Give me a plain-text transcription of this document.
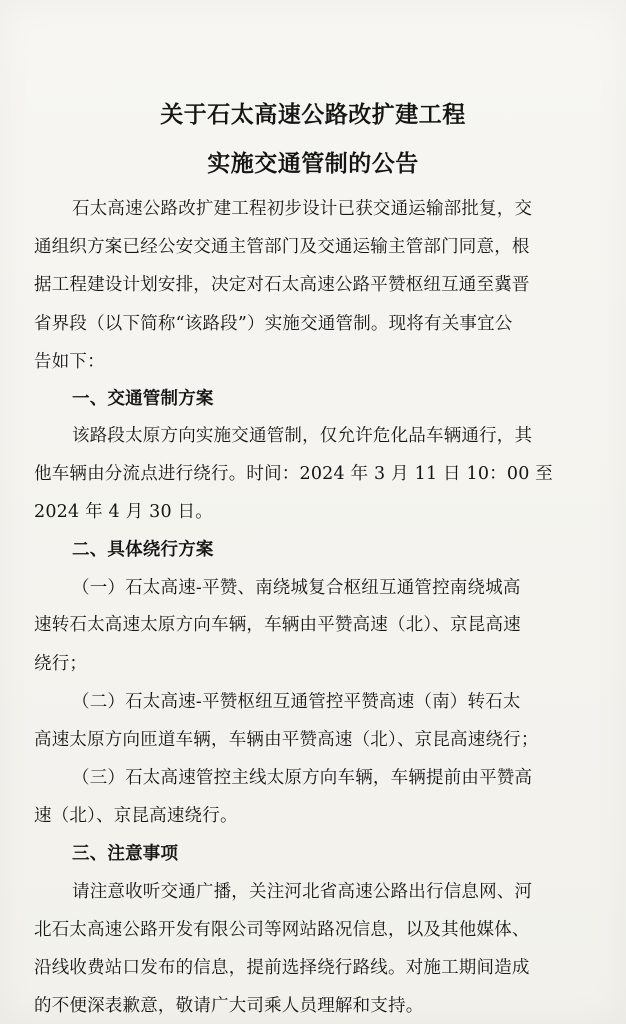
关于石太高速公路改扩建工程
实施交通管制的公告
石太高速公路改扩建工程初步设计已获交通运输部批复，交
通组织方案已经公安交通主管部门及交通运输主管部门同意，根
据工程建设计划安排，决定对石太高速公路平赞枢纽互通至冀晋
省界段（以下简称“该路段”）实施交通管制。现将有关事宜公
告如下：
一、交通管制方案
该路段太原方向实施交通管制，仅允许危化品车辆通行，其
他车辆由分流点进行绕行。时间：2024 年 3 月 11 日 10：00 至
2024 年 4 月 30 日。
二、具体绕行方案
（一）石太高速-平赞、南绕城复合枢纽互通管控南绕城高
速转石太高速太原方向车辆，车辆由平赞高速（北）、京昆高速
绕行；
（二）石太高速-平赞枢纽互通管控平赞高速（南）转石太
高速太原方向匝道车辆，车辆由平赞高速（北）、京昆高速绕行；
（三）石太高速管控主线太原方向车辆，车辆提前由平赞高
速（北）、京昆高速绕行。
三、注意事项
请注意收听交通广播，关注河北省高速公路出行信息网、河
北石太高速公路开发有限公司等网站路况信息，以及其他媒体、
沿线收费站口发布的信息，提前选择绕行路线。对施工期间造成
的不便深表歉意，敬请广大司乘人员理解和支持。
